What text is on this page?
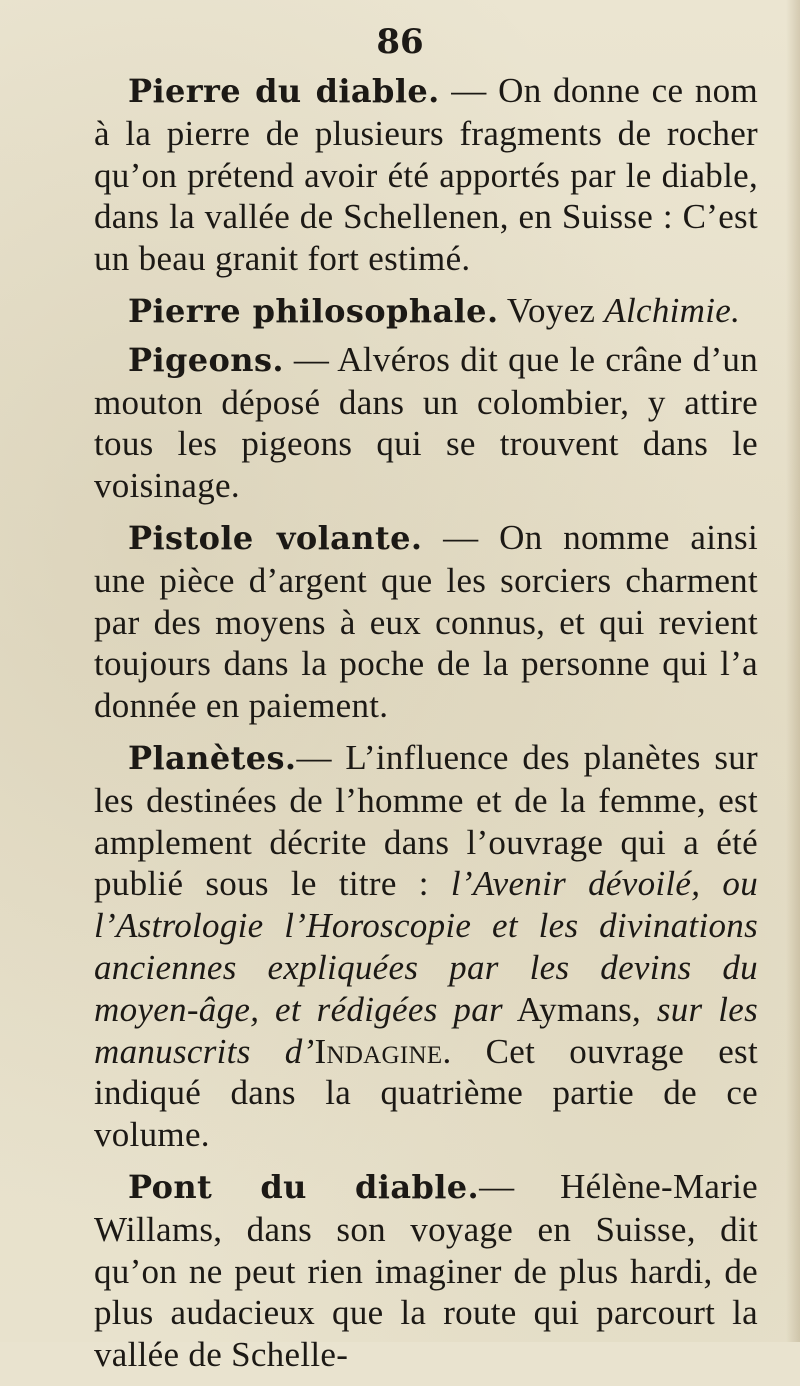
86

Pierre du diable. — On donne ce nom à la pierre de plusieurs fragments de rocher qu’on prétend avoir été apportés par le diable, dans la vallée de Schellenen, en Suisse : C’est un beau granit fort estimé.

Pierre philosophale. Voyez Alchimie.

Pigeons. — Alvéros dit que le crâne d’un mouton déposé dans un colombier, y attire tous les pigeons qui se trouvent dans le voisinage.

Pistole volante. — On nomme ainsi une pièce d’argent que les sorciers charment par des moyens à eux connus, et qui revient toujours dans la poche de la personne qui l’a donnée en paiement.

Planètes.— L’influence des planètes sur les destinées de l’homme et de la femme, est amplement décrite dans l’ouvrage qui a été publié sous le titre : l’Avenir dévoilé, ou l’Astrologie l’Horoscopie et les divinations anciennes expliquées par les devins du moyen-âge, et rédigées par Aymans, sur les manuscrits d’Indagine. Cet ouvrage est indiqué dans la quatrième partie de ce volume.

Pont du diable.— Hélène-Marie Willams, dans son voyage en Suisse, dit qu’on ne peut rien imaginer de plus hardi, de plus audacieux que la route qui parcourt la vallée de Schelle-
